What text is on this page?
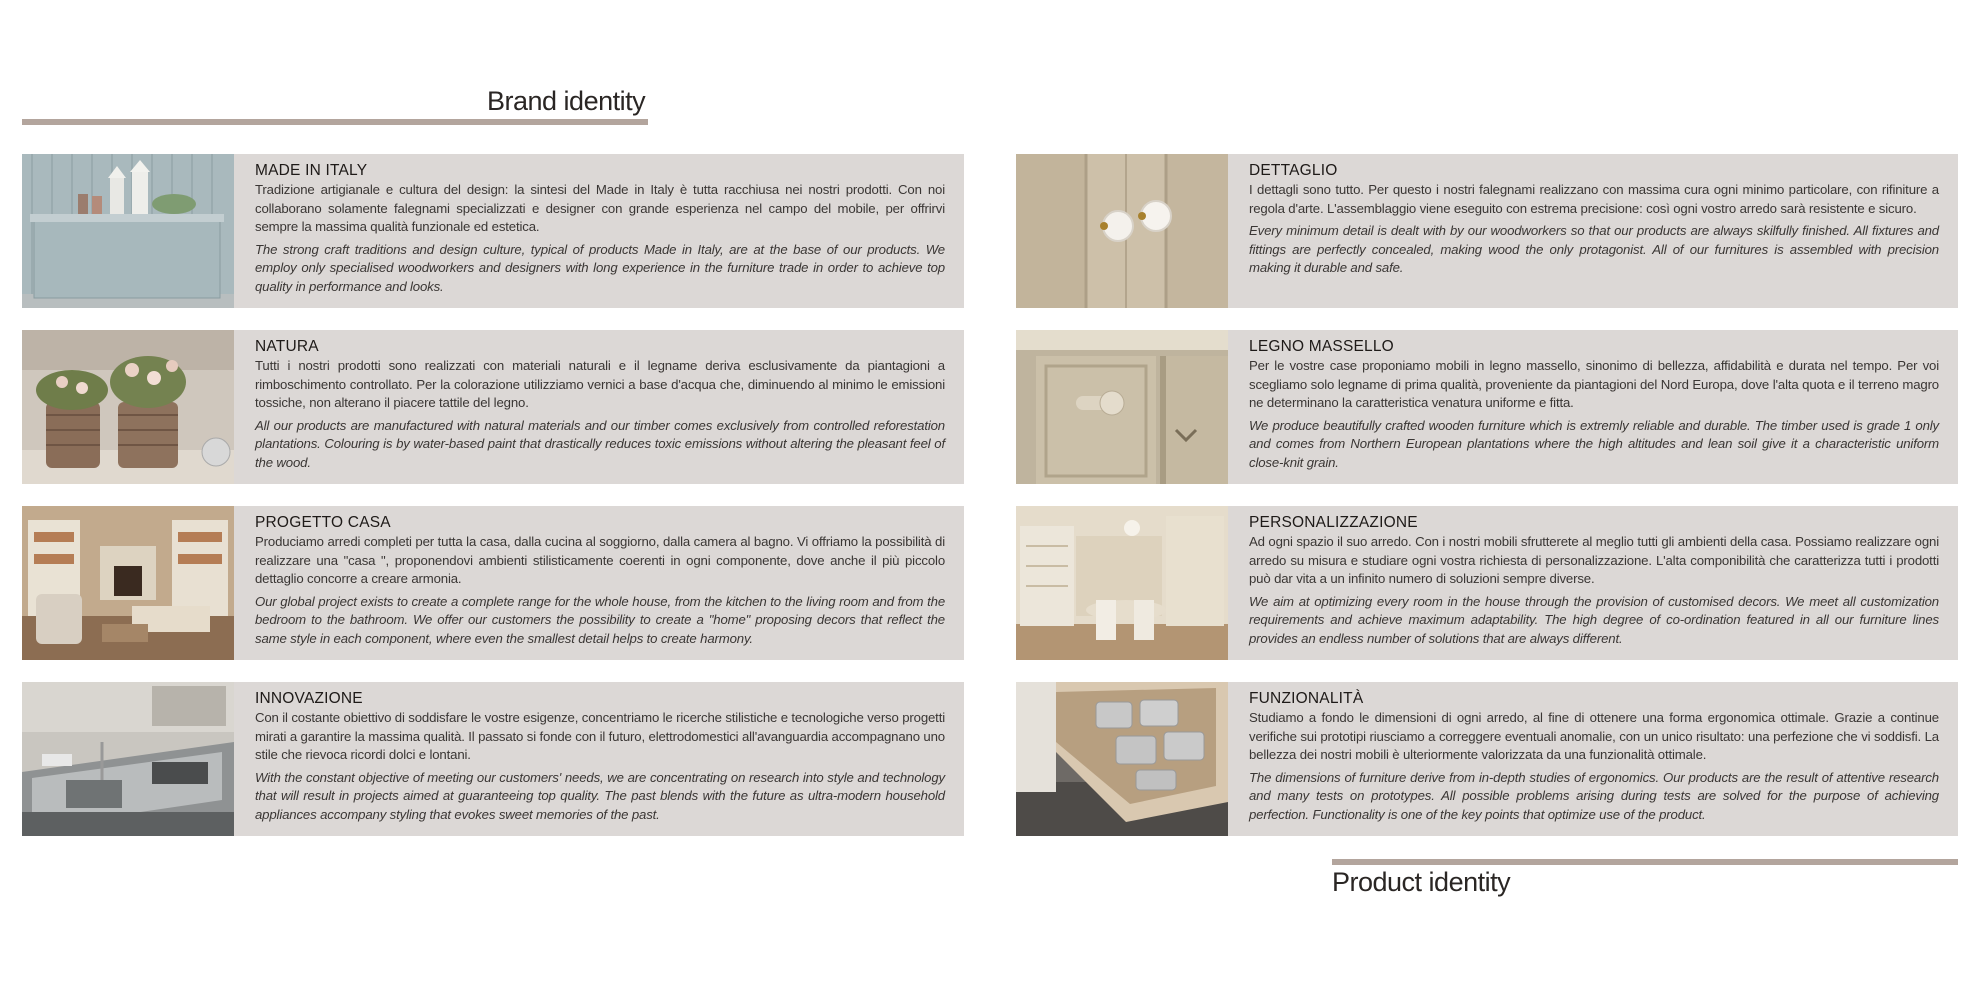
Brand identity
MADE IN ITALY

Tradizione artigianale e cultura del design: la sintesi del Made in Italy è tutta racchiusa nei nostri prodotti. Con noi collaborano solamente falegnami specializzati e designer con grande esperienza nel campo del mobile, per offrirvi sempre la massima qualità funzionale ed estetica.

The strong craft traditions and design culture, typical of products Made in Italy, are at the base of our products. We employ only specialised woodworkers and designers with long experience in the furniture trade in order to achieve top quality in performance and looks.

NATURA

Tutti i nostri prodotti sono realizzati con materiali naturali e il legname deriva esclusivamente da piantagioni a rimboschimento controllato. Per la colorazione utilizziamo vernici a base d'acqua che, diminuendo al minimo le emissioni tossiche, non alterano il piacere tattile del legno.

All our products are manufactured with natural materials and our timber comes exclusively from controlled reforestation plantations. Colouring is by water-based paint that drastically reduces toxic emissions without altering the pleasant feel of the wood.

PROGETTO CASA

Produciamo arredi completi per tutta la casa, dalla cucina al soggiorno, dalla camera al bagno. Vi offriamo la possibilità di realizzare una "casa ", proponendovi ambienti stilisticamente coerenti in ogni componente, dove anche il più piccolo dettaglio concorre a creare armonia.

Our global project exists to create a complete range for the whole house, from the kitchen to the living room and from the bedroom to the bathroom. We offer our customers the possibility to create a "home" proposing decors that reflect the same style in each component, where even the smallest detail helps to create harmony.

INNOVAZIONE

Con il costante obiettivo di soddisfare le vostre esigenze, concentriamo le ricerche stilistiche e tecnologiche verso progetti mirati a garantire la massima qualità. Il passato si fonde con il futuro, elettrodomestici all'avanguardia accompagnano uno stile che rievoca ricordi dolci e lontani.

With the constant objective of meeting our customers' needs, we are concentrating on research into style and technology that will result in projects aimed at guaranteeing top quality. The past blends with the future as ultra-modern household appliances accompany styling that evokes sweet memories of the past.

DETTAGLIO

I dettagli sono tutto. Per questo i nostri falegnami realizzano con massima cura ogni minimo particolare, con rifiniture a regola d'arte. L'assemblaggio viene eseguito con estrema precisione: così ogni vostro arredo sarà resistente e sicuro.

Every minimum detail is dealt with by our woodworkers so that our products are always skilfully finished. All fixtures and fittings are perfectly concealed, making wood the only protagonist. All of our furnitures is assembled with precision making it durable and safe.

LEGNO MASSELLO

Per le vostre case proponiamo mobili in legno massello, sinonimo di bellezza, affidabilità e durata nel tempo. Per voi scegliamo solo legname di prima qualità, proveniente da piantagioni del Nord Europa, dove l'alta quota e il terreno magro ne determinano la caratteristica venatura uniforme e fitta.

We produce beautifully crafted wooden furniture which is extremly reliable and durable. The timber used is grade 1 only and comes from Northern European plantations where the high altitudes and lean soil give it a characteristic uniform close-knit grain.

PERSONALIZZAZIONE

Ad ogni spazio il suo arredo. Con i nostri mobili sfrutterete al meglio tutti gli ambienti della casa. Possiamo realizzare ogni arredo su misura e studiare ogni vostra richiesta di personalizzazione. L'alta componibilità che caratterizza tutti i prodotti può dar vita a un infinito numero di soluzioni sempre diverse.

We aim at optimizing every room in the house through the provision of customised decors. We meet all customization requirements and achieve maximum adaptability. The high degree of co-ordination featured in all our furniture lines provides an endless number of solutions that are always different.

FUNZIONALITÀ

Studiamo a fondo le dimensioni di ogni arredo, al fine di ottenere una forma ergonomica ottimale. Grazie a continue verifiche sui prototipi riusciamo a correggere eventuali anomalie, con un unico risultato: una perfezione che vi soddisfi. La bellezza dei nostri mobili è ulteriormente valorizzata da una funzionalità ottimale.

The dimensions of furniture derive from in-depth studies of ergonomics. Our products are the result of attentive research and many tests on prototypes. All possible problems arising during tests are solved for the purpose of achieving perfection. Functionality is one of the key points that optimize use of the product.

Product identity
